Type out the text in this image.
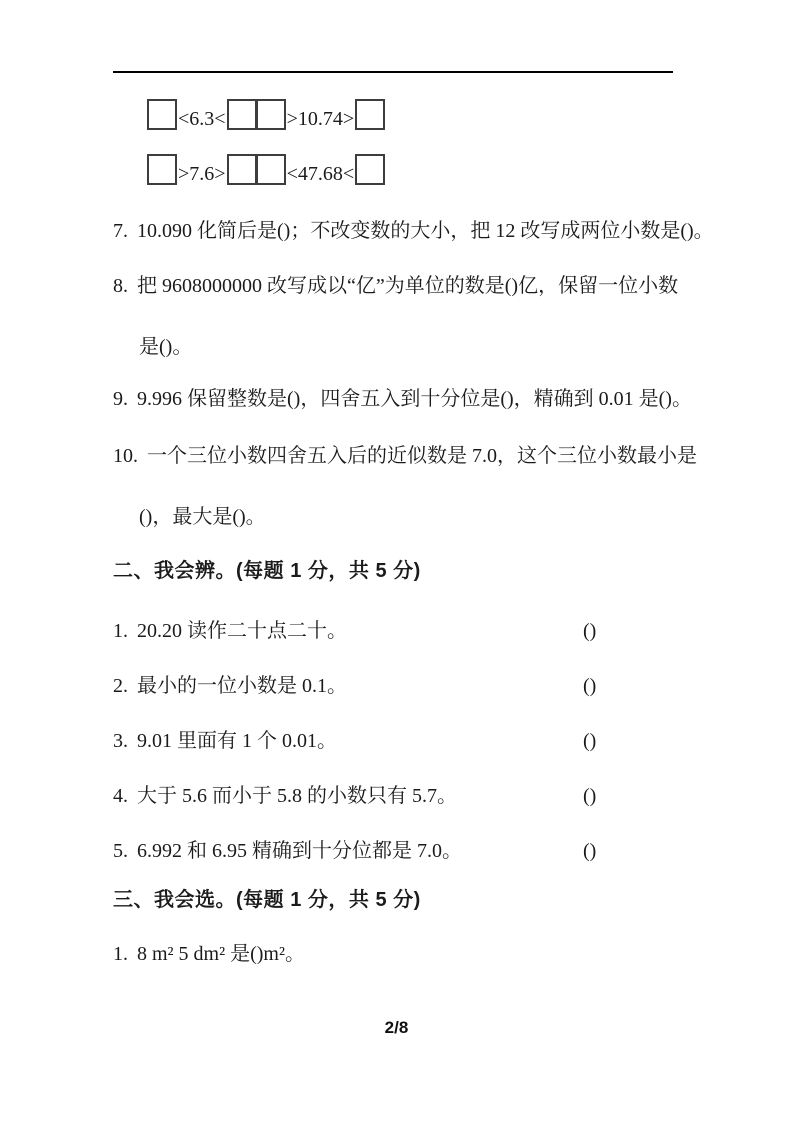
<6.3<	>10.74>
>7.6>	<47.68<
7. 10.090 化简后是()；不改变数的大小，把 12 改写成两位小数是()。
8. 把 9608000000 改写成以“亿”为单位的数是()亿，保留一位小数
是()。
9. 9.996 保留整数是()，四舍五入到十分位是()，精确到 0.01 是()。
10. 一个三位小数四舍五入后的近似数是 7.0，这个三位小数最小是
()，最大是()。
二、我会辨。(每题 1 分，共 5 分)
1. 20.20 读作二十点二十。	()
2. 最小的一位小数是 0.1。	()
3. 9.01 里面有 1 个 0.01。	()
4. 大于 5.6 而小于 5.8 的小数只有 5.7。	()
5. 6.992 和 6.95 精确到十分位都是 7.0。	()
三、我会选。(每题 1 分，共 5 分)
1. 8 m² 5 dm² 是()m²。
2/8
